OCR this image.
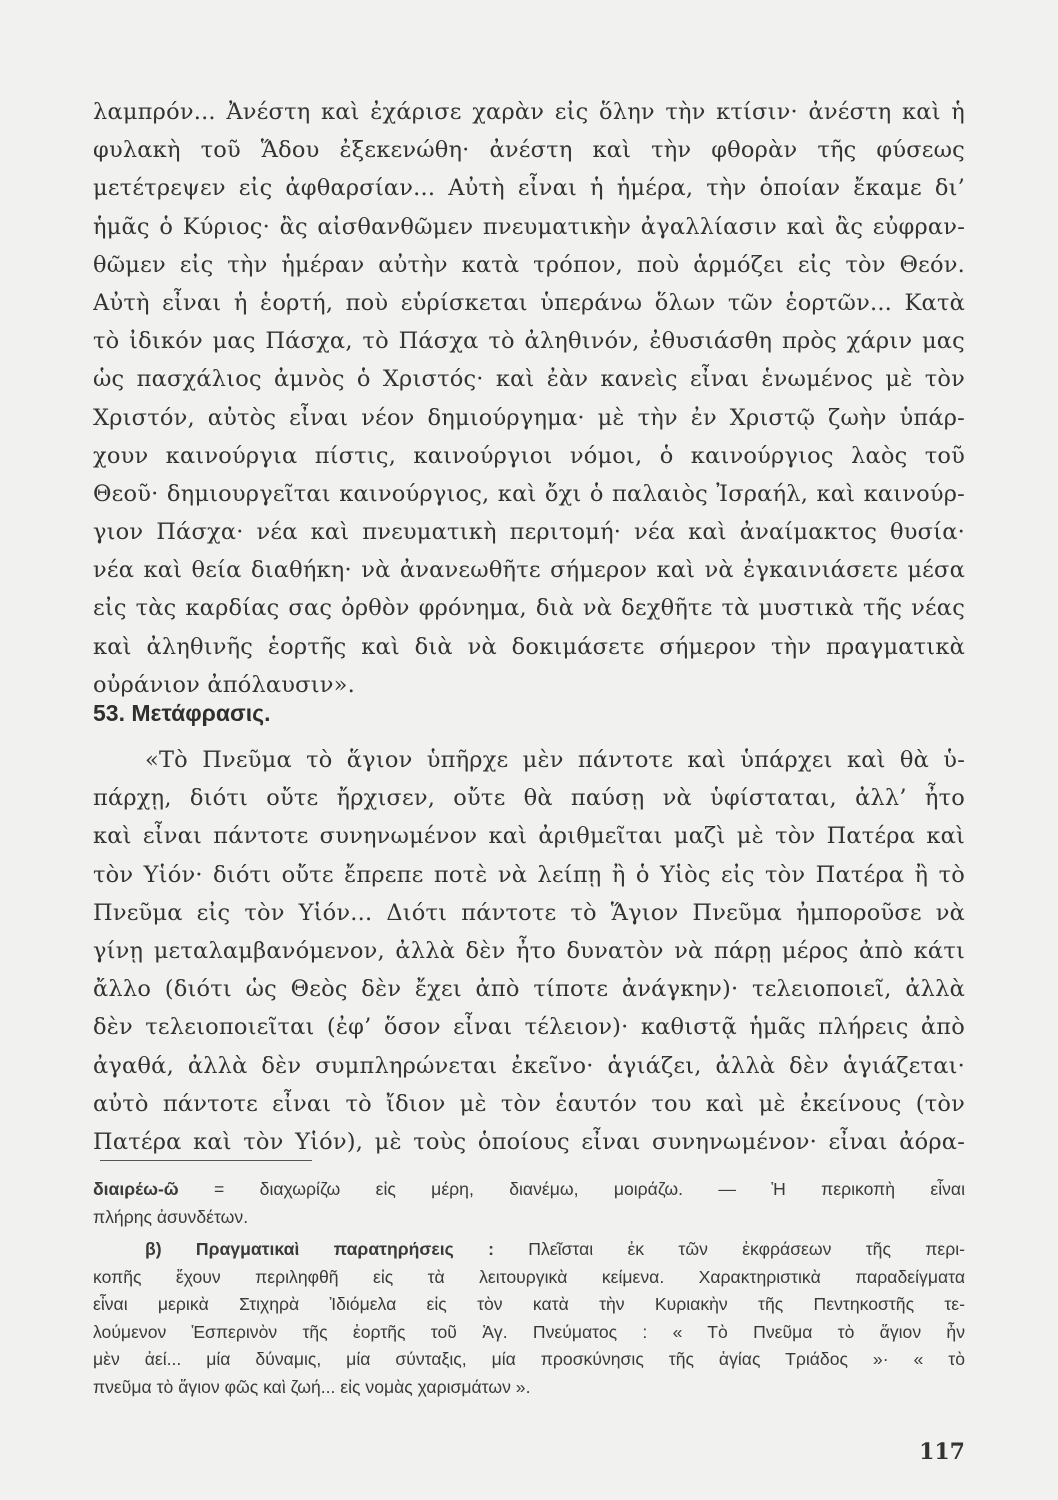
λαμπρόν... Ἀνέστη καὶ ἐχάρισε χαρὰν εἰς ὅλην τὴν κτίσιν· ἀνέστη καὶ ἡ
φυλακὴ τοῦ Ἅδου ἐξεκενώθη· ἀνέστη καὶ τὴν φθορὰν τῆς φύσεως
μετέτρεψεν εἰς ἀφθαρσίαν... Αὐτὴ εἶναι ἡ ἡμέρα, τὴν ὁποίαν ἔκαμε δι’
ἡμᾶς ὁ Κύριος· ἂς αἰσθανθῶμεν πνευματικὴν ἀγαλλίασιν καὶ ἂς εὐφραν-
θῶμεν εἰς τὴν ἡμέραν αὐτὴν κατὰ τρόπον, ποὺ ἁρμόζει εἰς τὸν Θεόν.
Αὐτὴ εἶναι ἡ ἑορτή, ποὺ εὑρίσκεται ὑπεράνω ὅλων τῶν ἑορτῶν... Κατὰ
τὸ ἰδικόν μας Πάσχα, τὸ Πάσχα τὸ ἀληθινόν, ἐθυσιάσθη πρὸς χάριν μας
ὡς πασχάλιος ἀμνὸς ὁ Χριστός· καὶ ἐὰν κανεὶς εἶναι ἑνωμένος μὲ τὸν
Χριστόν, αὐτὸς εἶναι νέον δημιούργημα· μὲ τὴν ἐν Χριστῷ ζωὴν ὑπάρ-
χουν καινούργια πίστις, καινούργιοι νόμοι, ὁ καινούργιος λαὸς τοῦ
Θεοῦ· δημιουργεῖται καινούργιος, καὶ ὄχι ὁ παλαιὸς Ἰσραήλ, καὶ καινούρ-
γιον Πάσχα· νέα καὶ πνευματικὴ περιτομή· νέα καὶ ἀναίμακτος θυσία·
νέα καὶ θεία διαθήκη· νὰ ἀνανεωθῆτε σήμερον καὶ νὰ ἐγκαινιάσετε μέσα
εἰς τὰς καρδίας σας ὀρθὸν φρόνημα, διὰ νὰ δεχθῆτε τὰ μυστικὰ τῆς νέας
καὶ ἀληθινῆς ἑορτῆς καὶ διὰ νὰ δοκιμάσετε σήμερον τὴν πραγματικὰ
οὐράνιον ἀπόλαυσιν».
53. Μετάφρασις.
«Τὸ Πνεῦμα τὸ ἅγιον ὑπῆρχε μὲν πάντοτε καὶ ὑπάρχει καὶ θὰ ὑ-
πάρχῃ, διότι οὔτε ἤρχισεν, οὔτε θὰ παύσῃ νὰ ὑφίσταται, ἀλλ’ ἦτο
καὶ εἶναι πάντοτε συνηνωμένον καὶ ἀριθμεῖται μαζὶ μὲ τὸν Πατέρα καὶ
τὸν Υἱόν· διότι οὔτε ἔπρεπε ποτὲ νὰ λείπῃ ἢ ὁ Υἱὸς εἰς τὸν Πατέρα ἢ τὸ
Πνεῦμα εἰς τὸν Υἱόν... Διότι πάντοτε τὸ Ἅγιον Πνεῦμα ἠμποροῦσε νὰ
γίνῃ μεταλαμβανόμενον, ἀλλὰ δὲν ἦτο δυνατὸν νὰ πάρῃ μέρος ἀπὸ κάτι
ἄλλο (διότι ὡς Θεὸς δὲν ἔχει ἀπὸ τίποτε ἀνάγκην)· τελειοποιεῖ, ἀλλὰ
δὲν τελειοποιεῖται (ἐφ’ ὅσον εἶναι τέλειον)· καθιστᾷ ἡμᾶς πλήρεις ἀπὸ
ἀγαθά, ἀλλὰ δὲν συμπληρώνεται ἐκεῖνο· ἁγιάζει, ἀλλὰ δὲν ἁγιάζεται·
αὐτὸ πάντοτε εἶναι τὸ ἴδιον μὲ τὸν ἑαυτόν του καὶ μὲ ἐκείνους (τὸν
Πατέρα καὶ τὸν Υἱόν), μὲ τοὺς ὁποίους εἶναι συνηνωμένον· εἶναι ἀόρα-
διαιρέω-ῶ = διαχωρίζω εἰς μέρη, διανέμω, μοιράζω. — Ἡ περικοπὴ εἶναι
πλήρης ἀσυνδέτων.
β) Πραγματικαὶ παρατηρήσεις : Πλεῖσται ἐκ τῶν ἐκφράσεων τῆς περι-
κοπῆς ἔχουν περιληφθῆ εἰς τὰ λειτουργικὰ κείμενα. Χαρακτηριστικὰ παραδείγματα
εἶναι μερικὰ Στιχηρὰ Ἰδιόμελα εἰς τὸν κατὰ τὴν Κυριακὴν τῆς Πεντηκοστῆς τε-
λούμενον Ἑσπερινὸν τῆς ἑορτῆς τοῦ Ἁγ. Πνεύματος : « Τὸ Πνεῦμα τὸ ἅγιον ἦν
μὲν ἀεί... μία δύναμις, μία σύνταξις, μία προσκύνησις τῆς ἁγίας Τριάδος »· « τὸ
πνεῦμα τὸ ἅγιον φῶς καὶ ζωή... εἰς νομὰς χαρισμάτων ».
117
